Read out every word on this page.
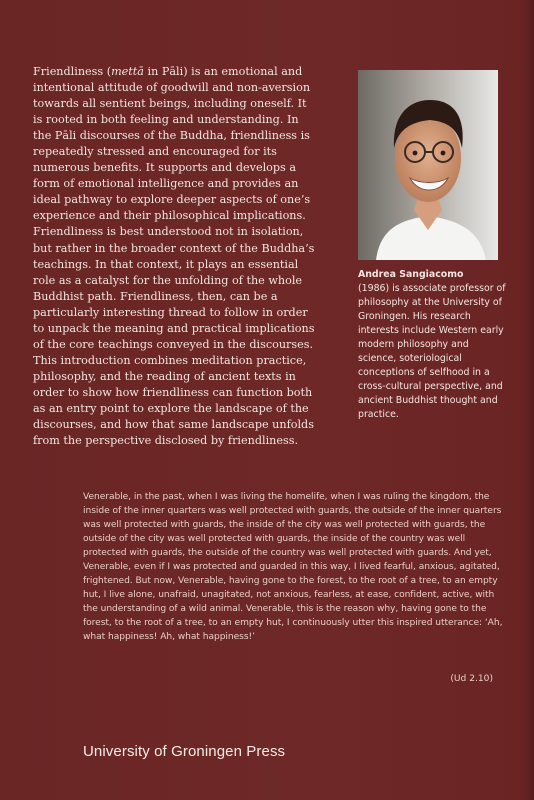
Friendliness (mettā in Pāli) is an emotional and intentional attitude of goodwill and non-aversion towards all sentient beings, including oneself. It is rooted in both feeling and understanding. In the Pāli discourses of the Buddha, friendliness is repeatedly stressed and encouraged for its numerous benefits. It supports and develops a form of emotional intelligence and provides an ideal pathway to explore deeper aspects of one’s experience and their philosophical implications. Friendliness is best understood not in isolation, but rather in the broader context of the Buddha’s teachings. In that context, it plays an essential role as a catalyst for the unfolding of the whole Buddhist path. Friendliness, then, can be a particularly interesting thread to follow in order to unpack the meaning and practical implications of the core teachings conveyed in the discourses. This introduction combines meditation practice, philosophy, and the reading of ancient texts in order to show how friendliness can function both as an entry point to explore the landscape of the discourses, and how that same landscape unfolds from the perspective disclosed by friendliness.

Andrea Sangiacomo
(1986) is associate professor of philosophy at the University of Groningen. His research interests include Western early modern philosophy and science, soteriological conceptions of selfhood in a cross-cultural perspective, and ancient Buddhist thought and practice.

Venerable, in the past, when I was living the homelife, when I was ruling the kingdom, the inside of the inner quarters was well protected with guards, the outside of the inner quarters was well protected with guards, the inside of the city was well protected with guards, the outside of the city was well protected with guards, the inside of the country was well protected with guards, the outside of the country was well protected with guards. And yet, Venerable, even if I was protected and guarded in this way, I lived fearful, anxious, agitated, frightened. But now, Venerable, having gone to the forest, to the root of a tree, to an empty hut, I live alone, unafraid, unagitated, not anxious, fearless, at ease, confident, active, with the understanding of a wild animal. Venerable, this is the reason why, having gone to the forest, to the root of a tree, to an empty hut, I continuously utter this inspired utterance: ‘Ah, what happiness! Ah, what happiness!’

(Ud 2.10)
University of Groningen Press
